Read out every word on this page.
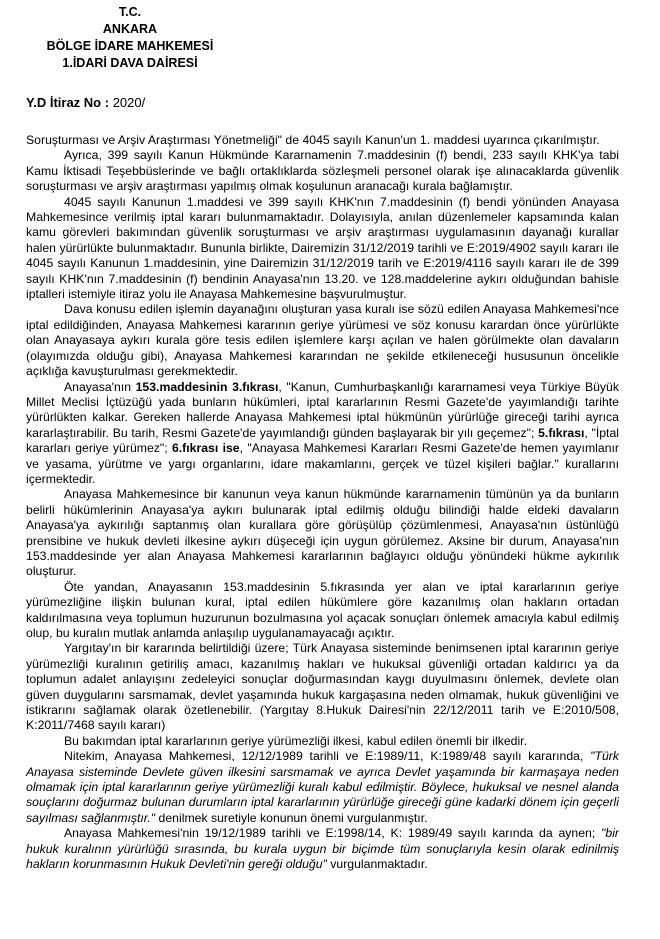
T.C.
ANKARA
BÖLGE İDARE MAHKEMESİ
1.İDARİ DAVA DAİRESİ
Y.D İtiraz No : 2020/

Soruşturması ve Arşiv Araştırması Yönetmeliği" de 4045 sayılı Kanun'un 1. maddesi uyarınca çıkarılmıştır.

Ayrıca, 399 sayılı Kanun Hükmünde Kararnamenin 7.maddesinin (f) bendi, 233 sayılı KHK'ya tabi Kamu İktisadi Teşebbüslerinde ve bağlı ortaklıklarda sözleşmeli personel olarak işe alınacaklarda güvenlik soruşturması ve arşiv araştırması yapılmış olmak koşulunun aranacağı kurala bağlamıştır.

4045 sayılı Kanunun 1.maddesi ve 399 sayılı KHK'nın 7.maddesinin (f) bendi yönünden Anayasa Mahkemesince verilmiş iptal kararı bulunmamaktadır. Dolayısıyla, anılan düzenlemeler kapsamında kalan kamu görevleri bakımından güvenlik soruşturması ve arşiv araştırması uygulamasının dayanağı kurallar halen yürürlükte bulunmaktadır. Bununla birlikte, Dairemizin 31/12/2019 tarihli ve E:2019/4902 sayılı kararı ile 4045 sayılı Kanunun 1.maddesinin, yine Dairemizin 31/12/2019 tarih ve E:2019/4116 sayılı kararı ile de 399 sayılı KHK'nın 7.maddesinin (f) bendinin Anayasa'nın 13.20. ve 128.maddelerine aykırı olduğundan bahisle iptalleri istemiyle itiraz yolu ile Anayasa Mahkemesine başvurulmuştur.

Dava konusu edilen işlemin dayanağını oluşturan yasa kuralı ise sözü edilen Anayasa Mahkemesi'nce iptal edildiğinden, Anayasa Mahkemesi kararının geriye yürümesi ve söz konusu karardan önce yürürlükte olan Anayasaya aykırı kurala göre tesis edilen işlemlere karşı açılan ve halen görülmekte olan davaların (olayımızda olduğu gibi), Anayasa Mahkemesi kararından ne şekilde etkileneceği hususunun öncelikle açıklığa kavuşturulması gerekmektedir.

Anayasa'nın 153.maddesinin 3.fıkrası, "Kanun, Cumhurbaşkanlığı kararnamesi veya Türkiye Büyük Millet Meclisi İçtüzüğü yada bunların hükümleri, iptal kararlarının Resmi Gazete'de yayımlandığı tarihte yürürlükten kalkar. Gereken hallerde Anayasa Mahkemesi iptal hükmünün yürürlüğe gireceği tarihi ayrıca kararlaştırabilir. Bu tarih, Resmi Gazete'de yayımlandığı günden başlayarak bir yılı geçemez"; 5.fıkrası, "İptal kararları geriye yürümez"; 6.fıkrası ise, "Anayasa Mahkemesi Kararları Resmi Gazete'de hemen yayımlanır ve yasama, yürütme ve yargı organlarını, idare makamlarını, gerçek ve tüzel kişileri bağlar." kurallarını içermektedir.

Anayasa Mahkemesince bir kanunun veya kanun hükmünde kararnamenin tümünün ya da bunların belirli hükümlerinin Anayasa'ya aykırı bulunarak iptal edilmiş olduğu bilindiği halde eldeki davaların Anayasa'ya aykırılığı saptanmış olan kurallara göre görüşülüp çözümlenmesi, Anayasa'nın üstünlüğü prensibine ve hukuk devleti ilkesine aykırı düşeceği için uygun görülemez. Aksine bir durum, Anayasa'nın 153.maddesinde yer alan Anayasa Mahkemesi kararlarının bağlayıcı olduğu yönündeki hükme aykırılık oluşturur.

Öte yandan, Anayasanın 153.maddesinin 5.fıkrasında yer alan ve iptal kararlarının geriye yürümezliğine ilişkin bulunan kural, iptal edilen hükümlere göre kazanılmış olan hakların ortadan kaldırılmasına veya toplumun huzurunun bozulmasına yol açacak sonuçları önlemek amacıyla kabul edilmiş olup, bu kuralın mutlak anlamda anlaşılıp uygulanamayacağı açıktır.

Yargıtay'ın bir kararında belirtildiği üzere; Türk Anayasa sisteminde benimsenen iptal kararının geriye yürümezliği kuralının getiriliş amacı, kazanılmış hakları ve hukuksal güvenliği ortadan kaldırıcı ya da toplumun adalet anlayışını zedeleyici sonuçlar doğurmasından kaygı duyulmasını önlemek, devlete olan güven duygularını sarsmamak, devlet yaşamında hukuk kargaşasına neden olmamak, hukuk güvenliğini ve istikrarını sağlamak olarak özetlenebilir. (Yargıtay 8.Hukuk Dairesi'nin 22/12/2011 tarih ve E:2010/508, K:2011/7468 sayılı kararı)

Bu bakımdan iptal kararlarının geriye yürümezliği ilkesi, kabul edilen önemli bir ilkedir.

Nitekim, Anayasa Mahkemesi, 12/12/1989 tarihli ve E:1989/11, K:1989/48 sayılı kararında, "Türk Anayasa sisteminde Devlete güven ilkesini sarsmamak ve ayrıca Devlet yaşamında bir karmaşaya neden olmamak için iptal kararlarının geriye yürümezliği kuralı kabul edilmiştir. Böylece, hukuksal ve nesnel alanda souçlarını doğurmaz bulunan durumların iptal kararlarının yürürlüğe gireceği güne kadarki dönem için geçerli sayılması sağlanmıştır." denilmek suretiyle konunun önemi vurgulanmıştır.

Anayasa Mahkemesi'nin 19/12/1989 tarihli ve E:1998/14, K: 1989/49 sayılı karında da aynen; "bir hukuk kuralının yürürlüğü sırasında, bu kurala uygun bir biçimde tüm sonuçlarıyla kesin olarak edinilmiş hakların korunmasının Hukuk Devleti'nin gereği olduğu" vurgulanmaktadır.
